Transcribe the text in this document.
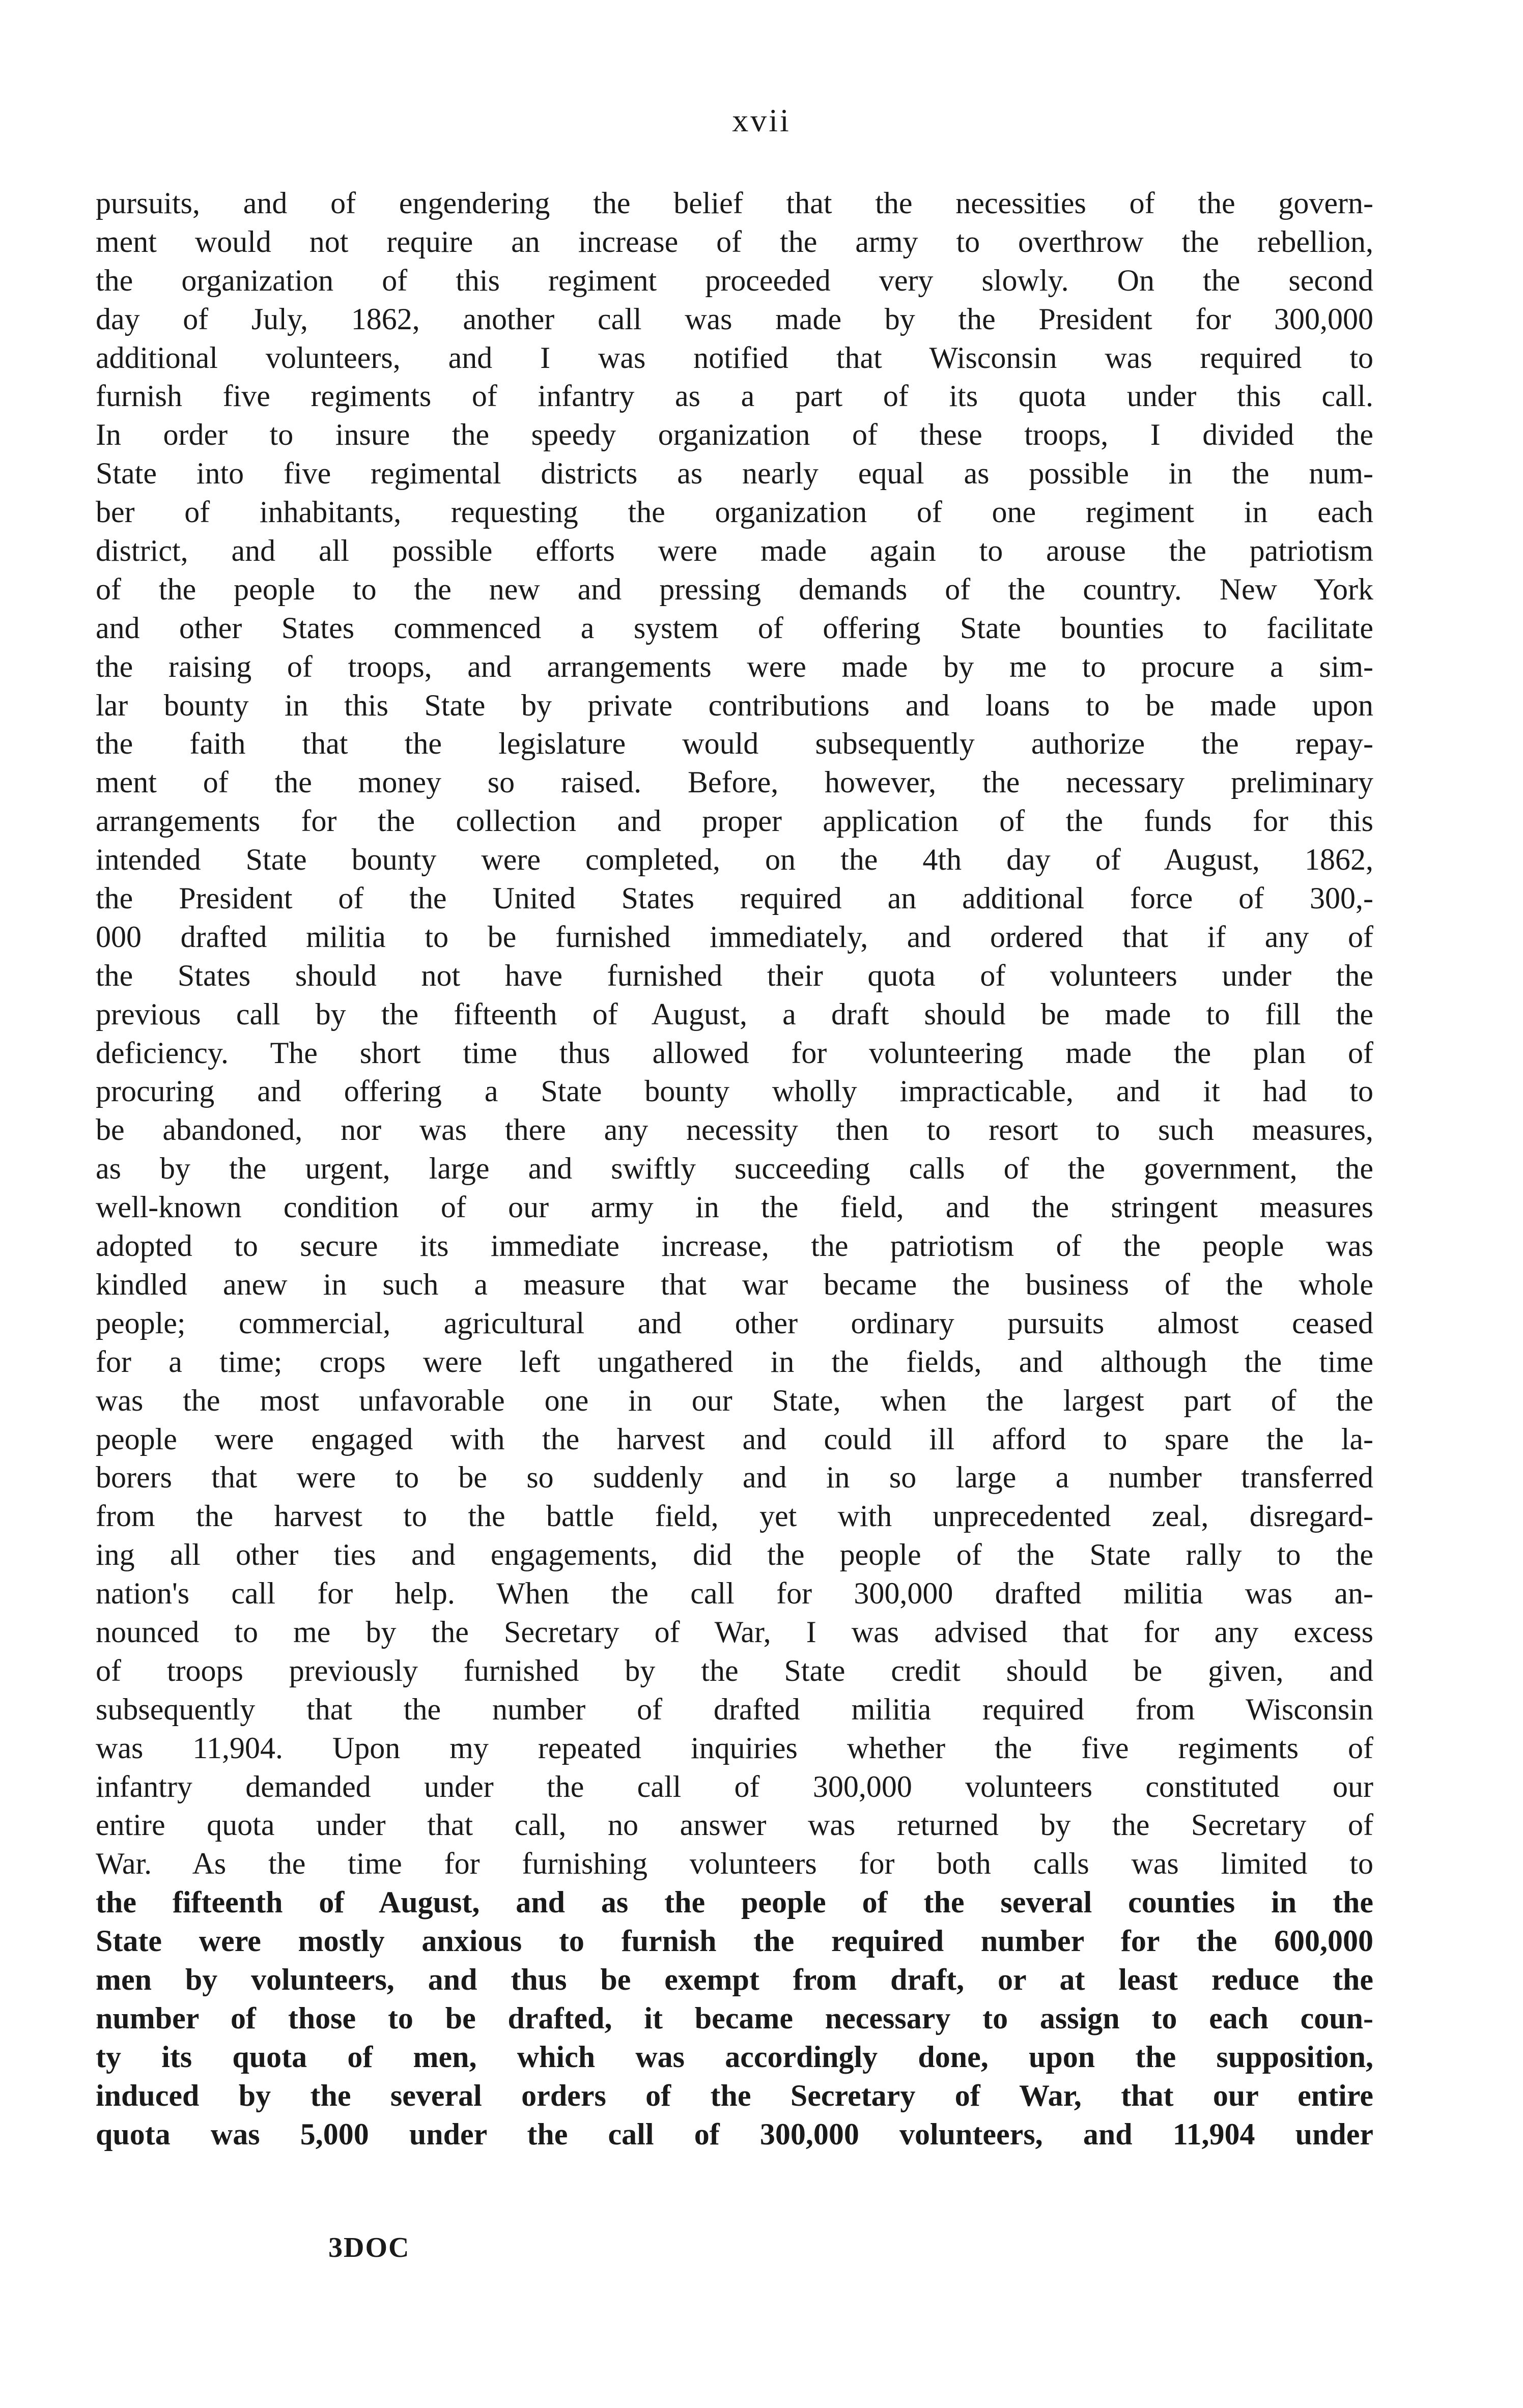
xvii
pursuits, and of engendering the belief that the necessities of the govern-
ment would not require an increase of the army to overthrow the rebellion,
the organization of this regiment proceeded very slowly. On the second
day of July, 1862, another call was made by the President for 300,000
additional volunteers, and I was notified that Wisconsin was required to
furnish five regiments of infantry as a part of its quota under this call.
In order to insure the speedy organization of these troops, I divided the
State into five regimental districts as nearly equal as possible in the num-
ber of inhabitants, requesting the organization of one regiment in each
district, and all possible efforts were made again to arouse the patriotism
of the people to the new and pressing demands of the country. New York
and other States commenced a system of offering State bounties to facilitate
the raising of troops, and arrangements were made by me to procure a sim-
lar bounty in this State by private contributions and loans to be made upon
the faith that the legislature would subsequently authorize the repay-
ment of the money so raised. Before, however, the necessary preliminary
arrangements for the collection and proper application of the funds for this
intended State bounty were completed, on the 4th day of August, 1862,
the President of the United States required an additional force of 300,-
000 drafted militia to be furnished immediately, and ordered that if any of
the States should not have furnished their quota of volunteers under the
previous call by the fifteenth of August, a draft should be made to fill the
deficiency. The short time thus allowed for volunteering made the plan of
procuring and offering a State bounty wholly impracticable, and it had to
be abandoned, nor was there any necessity then to resort to such measures,
as by the urgent, large and swiftly succeeding calls of the government, the
well-known condition of our army in the field, and the stringent measures
adopted to secure its immediate increase, the patriotism of the people was
kindled anew in such a measure that war became the business of the whole
people; commercial, agricultural and other ordinary pursuits almost ceased
for a time; crops were left ungathered in the fields, and although the time
was the most unfavorable one in our State, when the largest part of the
people were engaged with the harvest and could ill afford to spare the la-
borers that were to be so suddenly and in so large a number transferred
from the harvest to the battle field, yet with unprecedented zeal, disregard-
ing all other ties and engagements, did the people of the State rally to the
nation's call for help. When the call for 300,000 drafted militia was an-
nounced to me by the Secretary of War, I was advised that for any excess
of troops previously furnished by the State credit should be given, and
subsequently that the number of drafted militia required from Wisconsin
was 11,904. Upon my repeated inquiries whether the five regiments of
infantry demanded under the call of 300,000 volunteers constituted our
entire quota under that call, no answer was returned by the Secretary of
War. As the time for furnishing volunteers for both calls was limited to
the fifteenth of August, and as the people of the several counties in the
State were mostly anxious to furnish the required number for the 600,000
men by volunteers, and thus be exempt from draft, or at least reduce the
number of those to be drafted, it became necessary to assign to each coun-
ty its quota of men, which was accordingly done, upon the supposition,
induced by the several orders of the Secretary of War, that our entire
quota was 5,000 under the call of 300,000 volunteers, and 11,904 under
3DOC
